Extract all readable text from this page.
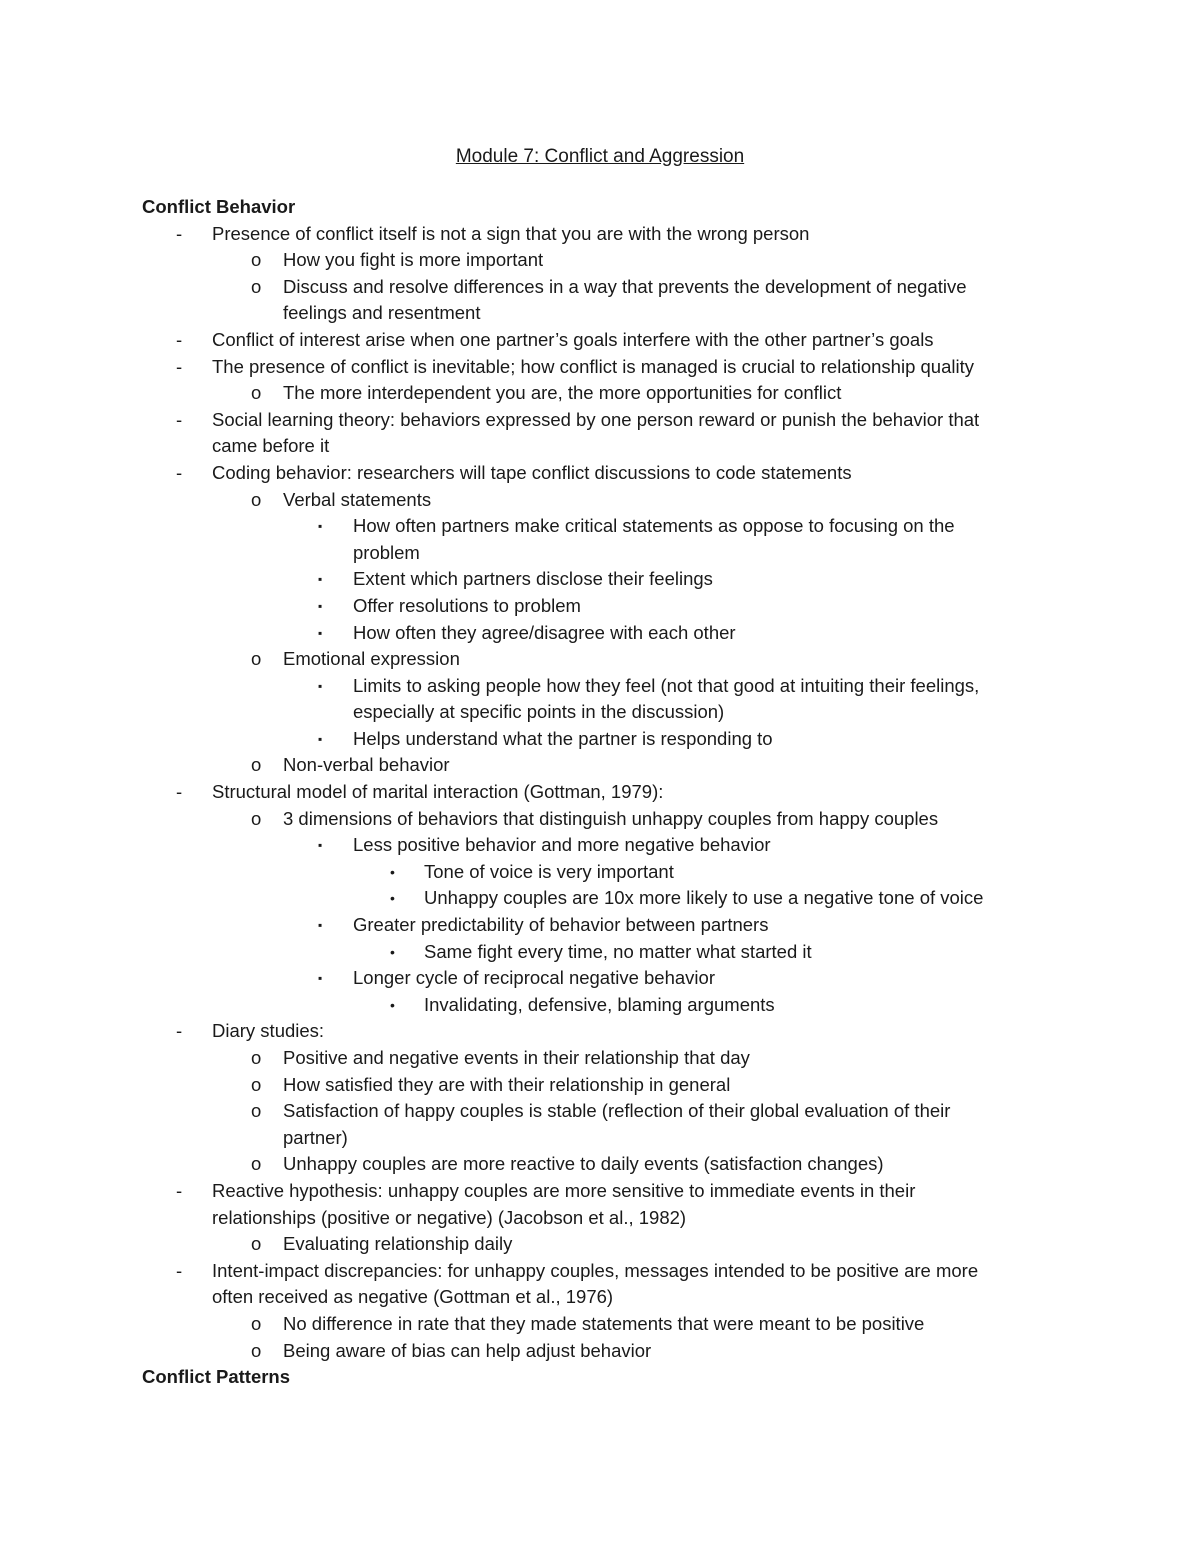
Module 7: Conflict and Aggression
Conflict Behavior
- Presence of conflict itself is not a sign that you are with the wrong person
o How you fight is more important
o Discuss and resolve differences in a way that prevents the development of negative
feelings and resentment
- Conflict of interest arise when one partner’s goals interfere with the other partner’s goals
- The presence of conflict is inevitable; how conflict is managed is crucial to relationship quality
o The more interdependent you are, the more opportunities for conflict
- Social learning theory: behaviors expressed by one person reward or punish the behavior that
came before it
- Coding behavior: researchers will tape conflict discussions to code statements
o Verbal statements
▪ How often partners make critical statements as oppose to focusing on the
problem
▪ Extent which partners disclose their feelings
▪ Offer resolutions to problem
▪ How often they agree/disagree with each other
o Emotional expression
▪ Limits to asking people how they feel (not that good at intuiting their feelings,
especially at specific points in the discussion)
▪ Helps understand what the partner is responding to
o Non-verbal behavior
- Structural model of marital interaction (Gottman, 1979):
o 3 dimensions of behaviors that distinguish unhappy couples from happy couples
▪ Less positive behavior and more negative behavior
• Tone of voice is very important
• Unhappy couples are 10x more likely to use a negative tone of voice
▪ Greater predictability of behavior between partners
• Same fight every time, no matter what started it
▪ Longer cycle of reciprocal negative behavior
• Invalidating, defensive, blaming arguments
- Diary studies:
o Positive and negative events in their relationship that day
o How satisfied they are with their relationship in general
o Satisfaction of happy couples is stable (reflection of their global evaluation of their
partner)
o Unhappy couples are more reactive to daily events (satisfaction changes)
- Reactive hypothesis: unhappy couples are more sensitive to immediate events in their
relationships (positive or negative) (Jacobson et al., 1982)
o Evaluating relationship daily
- Intent-impact discrepancies: for unhappy couples, messages intended to be positive are more
often received as negative (Gottman et al., 1976)
o No difference in rate that they made statements that were meant to be positive
o Being aware of bias can help adjust behavior
Conflict Patterns
